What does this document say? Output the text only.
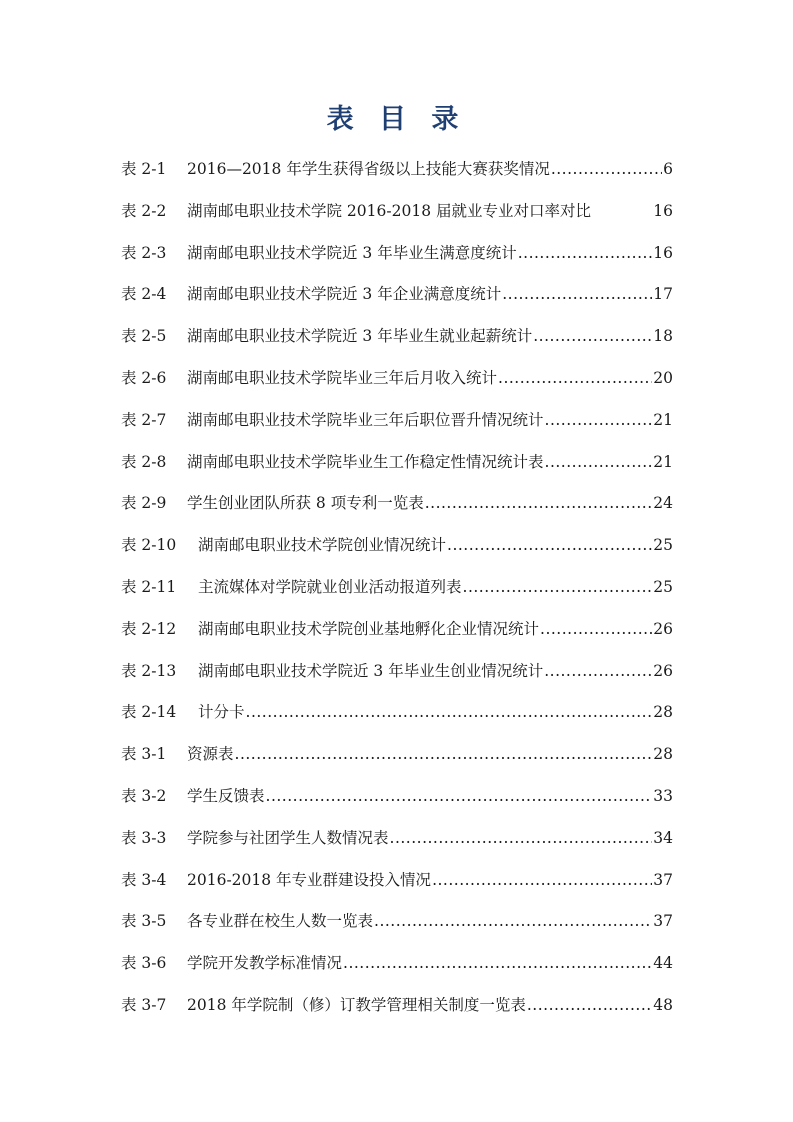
表 目 录
表 2-1	2016—2018 年学生获得省级以上技能大赛获奖情况 .....	6
表 2-2	湖南邮电职业技术学院 2016-2018 届就业专业对口率对比	16
表 2-3	湖南邮电职业技术学院近 3 年毕业生满意度统计 .....	16
表 2-4	湖南邮电职业技术学院近 3 年企业满意度统计 .....	17
表 2-5	湖南邮电职业技术学院近 3 年毕业生就业起薪统计 .....	18
表 2-6	湖南邮电职业技术学院毕业三年后月收入统计 .....	20
表 2-7	湖南邮电职业技术学院毕业三年后职位晋升情况统计 .....	21
表 2-8	湖南邮电职业技术学院毕业生工作稳定性情况统计表 .....	21
表 2-9	学生创业团队所获 8 项专利一览表 .....	24
表 2-10	湖南邮电职业技术学院创业情况统计 .....	25
表 2-11	主流媒体对学院就业创业活动报道列表 .....	25
表 2-12	湖南邮电职业技术学院创业基地孵化企业情况统计 .....	26
表 2-13	湖南邮电职业技术学院近 3 年毕业生创业情况统计 .....	26
表 2-14	计分卡 .....	28
表 3-1	资源表 .....	28
表 3-2	学生反馈表 .....	33
表 3-3	学院参与社团学生人数情况表 .....	34
表 3-4	2016-2018 年专业群建设投入情况 .....	37
表 3-5	各专业群在校生人数一览表 .....	37
表 3-6	学院开发教学标准情况 .....	44
表 3-7	2018 年学院制（修）订教学管理相关制度一览表 .....	48
